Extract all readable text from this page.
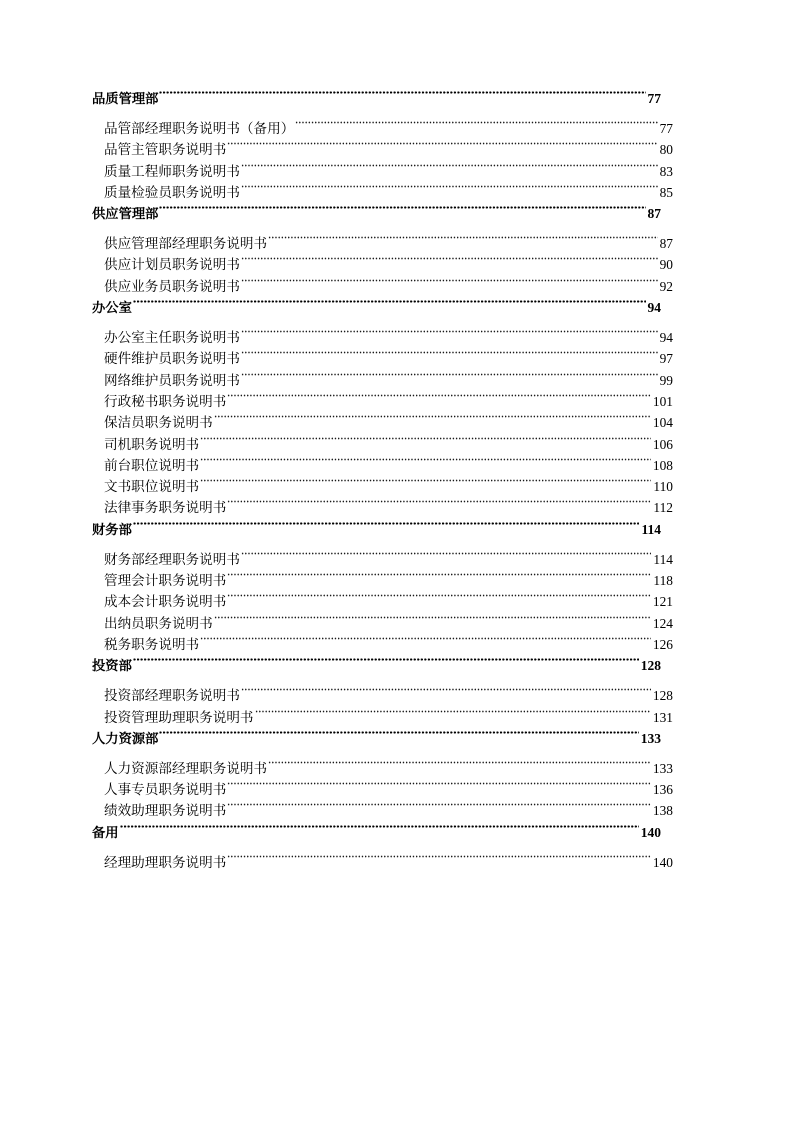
品质管理部	77
品管部经理职务说明书（备用）	77
品管主管职务说明书	80
质量工程师职务说明书	83
质量检验员职务说明书	85
供应管理部	87
供应管理部经理职务说明书	87
供应计划员职务说明书	90
供应业务员职务说明书	92
办公室	94
办公室主任职务说明书	94
硬件维护员职务说明书	97
网络维护员职务说明书	99
行政秘书职务说明书	101
保洁员职务说明书	104
司机职务说明书	106
前台职位说明书	108
文书职位说明书	110
法律事务职务说明书	112
财务部	114
财务部经理职务说明书	114
管理会计职务说明书	118
成本会计职务说明书	121
出纳员职务说明书	124
税务职务说明书	126
投资部	128
投资部经理职务说明书	128
投资管理助理职务说明书	131
人力资源部	133
人力资源部经理职务说明书	133
人事专员职务说明书	136
绩效助理职务说明书	138
备用	140
经理助理职务说明书	140
